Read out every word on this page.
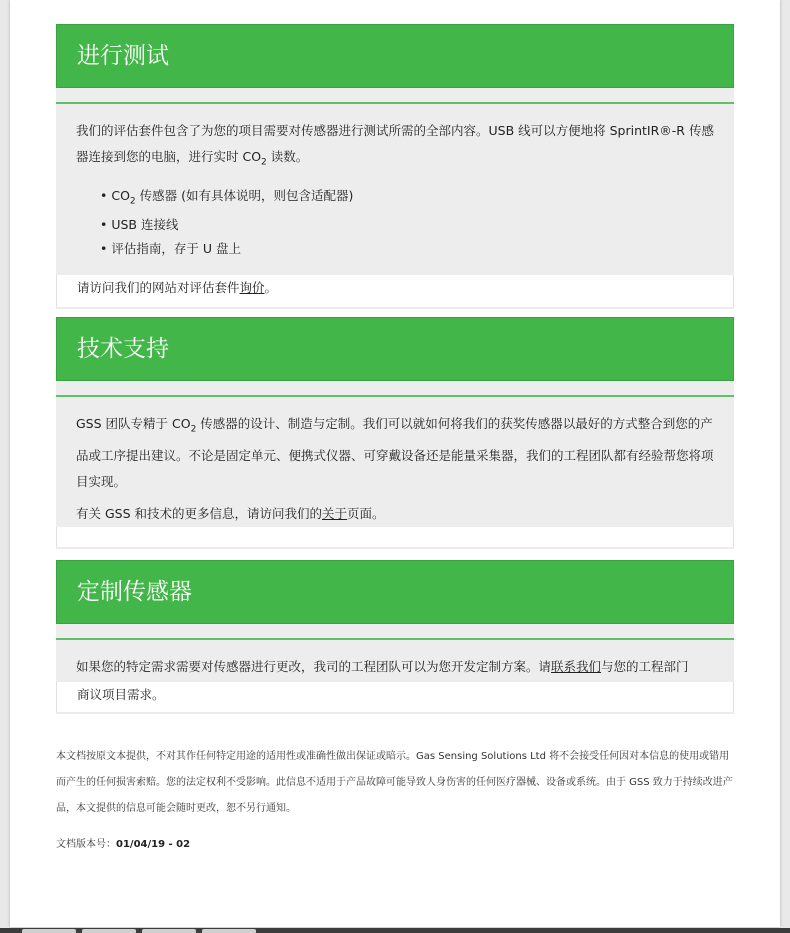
进行测试

我们的评估套件包含了为您的项目需要对传感器进行测试所需的全部内容。USB 线可以方便地将 SprintIR®-R 传感器连接到您的电脑，进行实时 $CO_2$ 读数。

• $CO_2$ 传感器 (如有具体说明，则包含适配器)
• USB 连接线
• 评估指南，存于 U 盘上
请访问我们的网站对评估套件询价。
技术支持

GSS 团队专精于 $CO_2$ 传感器的设计、制造与定制。我们可以就如何将我们的获奖传感器以最好的方式整合到您的产品或工序提出建议。不论是固定单元、便携式仪器、可穿戴设备还是能量采集器，我们的工程团队都有经验帮您将项目实现。

有关 GSS 和技术的更多信息，请访问我们的关于页面。

定制传感器

如果您的特定需求需要对传感器进行更改，我司的工程团队可以为您开发定制方案。请联系我们与您的工程部门

商议项目需求。
本文档按原文本提供，不对其作任何特定用途的适用性或准确性做出保证或暗示。Gas Sensing Solutions Ltd 将不会接受任何因对本信息的使用或错用而产生的任何损害索赔。您的法定权利不受影响。此信息不适用于产品故障可能导致人身伤害的任何医疗器械、设备或系统。由于 GSS 致力于持续改进产品，本文提供的信息可能会随时更改，恕不另行通知。
文档版本号：01/04/19 - 02
